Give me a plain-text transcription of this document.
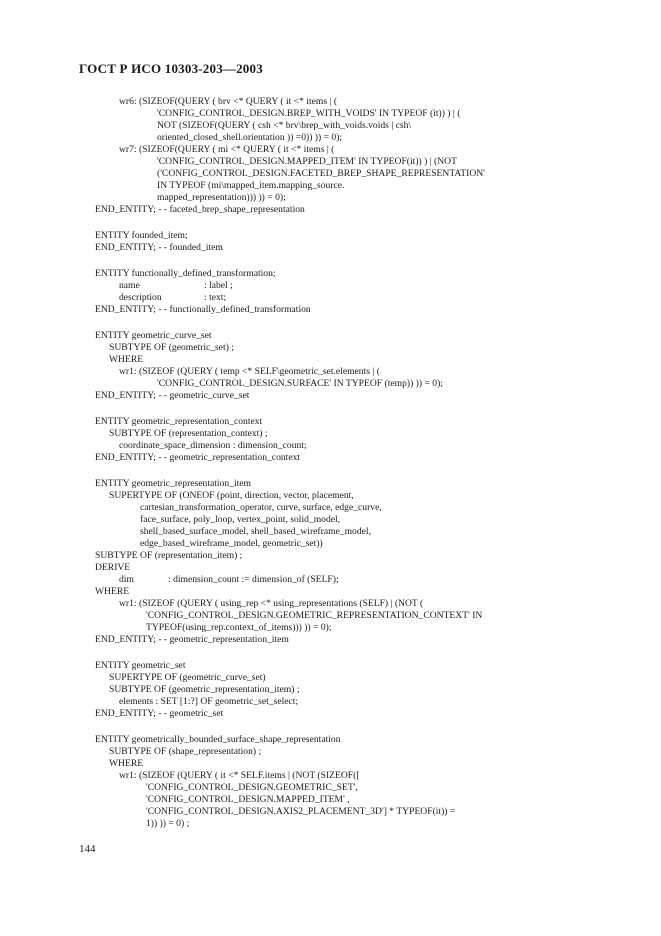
ГОСТ Р ИСО 10303-203—2003
wr6: (SIZEOF(QUERY ( brv <* QUERY ( it <* items | (
'CONFIG_CONTROL_DESIGN.BREP_WITH_VOIDS' IN TYPEOF (it)) ) | (
NOT (SIZEOF(QUERY ( csh <* brv\brep_with_voids.voids | csh\
oriented_closed_shell.orientation )) =0)) )) = 0);
wr7: (SIZEOF(QUERY ( mi <* QUERY ( it <* items | (
'CONFIG_CONTROL_DESIGN.MAPPED_ITEM' IN TYPEOF(it)) ) | (NOT
('CONFIG_CONTROL_DESIGN.FACETED_BREP_SHAPE_REPRESENTATION'
IN TYPEOF (mi\mapped_item.mapping_source.
mapped_representation))) )) = 0);
END_ENTITY; - - faceted_brep_shape_representation
ENTITY founded_item;
END_ENTITY; - - founded_item
ENTITY functionally_defined_transformation;
name	: label ;
description	: text;
END_ENTITY; - - functionally_defined_transformation
ENTITY geometric_curve_set
SUBTYPE OF (geometric_set) ;
WHERE
wr1: (SIZEOF (QUERY ( temp <* SELF\geometric_set.elements | (
'CONFIG_CONTROL_DESIGN.SURFACE' IN TYPEOF (temp)) )) = 0);
END_ENTITY; - - geometric_curve_set
ENTITY geometric_representation_context
SUBTYPE OF (representation_context) ;
coordinate_space_dimension : dimension_count;
END_ENTITY; - - geometric_representation_context
ENTITY geometric_representation_item
SUPERTYPE OF (ONEOF (point, direction, vector, placement,
cartesian_transformation_operator, curve, surface, edge_curve,
face_surface, poly_loop, vertex_point, solid_model,
shell_based_surface_model, shell_based_wireframe_model,
edge_based_wireframe_model, geometric_set))
SUBTYPE OF (representation_item) ;
DERIVE
dim	: dimension_count := dimension_of (SELF);
WHERE
wr1: (SIZEOF (QUERY ( using_rep <* using_representations (SELF) | (NOT (
'CONFIG_CONTROL_DESIGN.GEOMETRIC_REPRESENTATION_CONTEXT' IN
TYPEOF(using_rep.context_of_items))) )) = 0);
END_ENTITY; - - geometric_representation_item
ENTITY geometric_set
SUPERTYPE OF (geometric_curve_set)
SUBTYPE OF (geometric_representation_item) ;
elements : SET [1:?] OF geometric_set_select;
END_ENTITY; - - geometric_set
ENTITY geometrically_bounded_surface_shape_representation
SUBTYPE OF (shape_representation) ;
WHERE
wr1: (SIZEOF (QUERY ( it <* SELF.items | (NOT (SIZEOF([
'CONFIG_CONTROL_DESIGN.GEOMETRIC_SET',
'CONFIG_CONTROL_DESIGN.MAPPED_ITEM' ,
'CONFIG_CONTROL_DESIGN.AXIS2_PLACEMENT_3D'] * TYPEOF(it)) =
1)) )) = 0) ;
144
